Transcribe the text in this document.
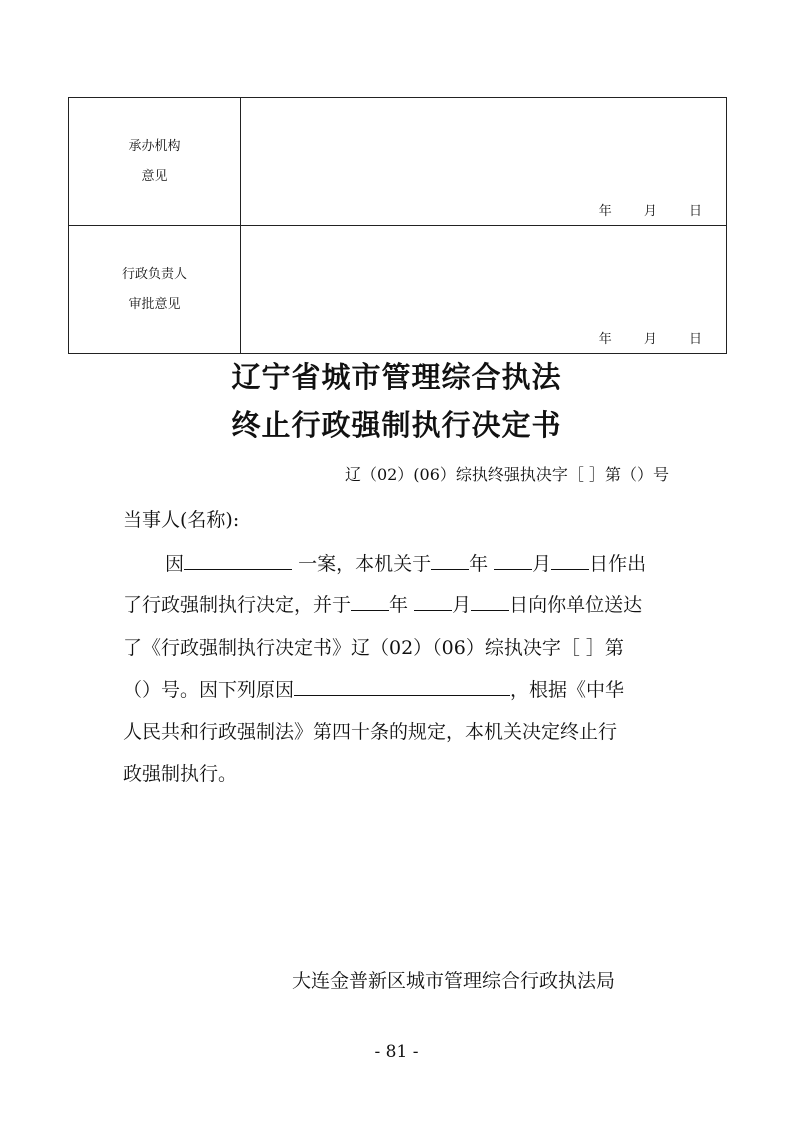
承办机构
意见	年 月 日

行政负责人
审批意见	年 月 日
辽宁省城市管理综合执法
终止行政强制执行决定书
辽（02）(06）综执终强执决字［ ］第（）号
当事人(名称):
因	一案，本机关于 年 月 日作出
了行政强制执行决定，并于 年 月 日向你单位送达
了《行政强制执行决定书》辽（02）（06）综执决字［ ］第
（）号。因下列原因	，根据《中华
人民共和行政强制法》第四十条的规定，本机关决定终止行
政强制执行。
大连金普新区城市管理综合行政执法局
- 81 -
